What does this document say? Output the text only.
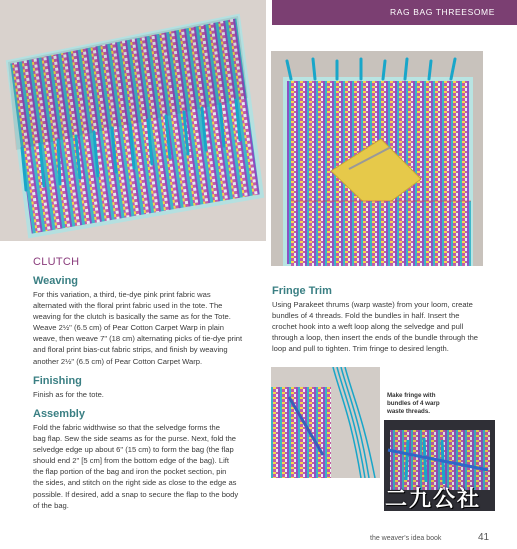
RAG BAG THREESOME
CLUTCH
Weaving
For this variation, a third, tie-dye pink print fabric was
alternated with the floral print fabric used in the tote. The
weaving for the clutch is basically the same as for the Tote.
Weave 2½" (6.5 cm) of Pear Cotton Carpet Warp in plain
weave, then weave 7" (18 cm) alternating picks of tie-dye print
and floral print bias-cut fabric strips, and finish by weaving
another 2½" (6.5 cm) of Pear Cotton Carpet Warp.
Finishing
Finish as for the tote.
Assembly
Fold the fabric widthwise so that the selvedge forms the
bag flap. Sew the side seams as for the purse. Next, fold the
selvedge edge up about 6" (15 cm) to form the bag (the flap
should end 2" [5 cm] from the bottom edge of the bag). Lift
the flap portion of the bag and iron the pocket section, pin
the sides, and stitch on the right side as close to the edge as
possible. If desired, add a snap to secure the flap to the body
of the bag.
Fringe Trim
Using Parakeet thrums (warp waste) from your loom, create
bundles of 4 threads. Fold the bundles in half. Insert the
crochet hook into a weft loop along the selvedge and pull
through a loop, then insert the ends of the bundle through the
loop and pull to tighten. Trim fringe to desired length.
Make fringe with
bundles of 4 warp
waste threads.
二九公社
the weaver's idea book	41
